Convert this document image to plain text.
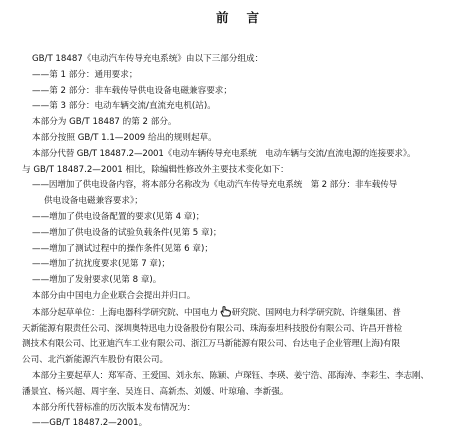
前言
GB/T 18487《电动汽车传导充电系统》由以下三部分组成：
——第 1 部分：通用要求；
——第 2 部分：非车载传导供电设备电磁兼容要求；
——第 3 部分：电动车辆交流/直流充电机(站)。
本部分为 GB/T 18487 的第 2 部分。
本部分按照 GB/T 1.1—2009 给出的规则起草。
本部分代替 GB/T 18487.2—2001《电动车辆传导充电系统　电动车辆与交流/直流电源的连接要求》。
与 GB/T 18487.2—2001 相比，除编辑性修改外主要技术变化如下：
——因增加了供电设备内容，将本部分名称改为《电动汽车传导充电系统　第 2 部分：非车载传导
供电设备电磁兼容要求》；
——增加了供电设备配置的要求(见第 4 章)；
——增加了供电设备的试验负载条件(见第 5 章)；
——增加了测试过程中的操作条件(见第 6 章)；
——增加了抗扰度要求(见第 7 章)；
——增加了发射要求(见第 8 章)。
本部分由中国电力企业联合会提出并归口。
本部分起草单位：上海电器科学研究院、中国电力 研究院、国网电力科学研究院、许继集团、普
天新能源有限责任公司、深圳奥特迅电力设备股份有限公司、珠海泰坦科技股份有限公司、许昌开普检
测技术有限公司、比亚迪汽车工业有限公司、浙江万马新能源有限公司、台达电子企业管理(上海)有限
公司、北汽新能源汽车股份有限公司。
本部分主要起草人：郑军奇、王爱国、刘永东、陈颖、卢琛钰、李瑛、姜宁浩、邵海涛、李彩生、李志刚、
潘景宜、杨兴超、周宇奎、吴连日、高新杰、刘媛、叶琼瑜、李新强。
本部分所代替标准的历次版本发布情况为：
——GB/T 18487.2—2001。
